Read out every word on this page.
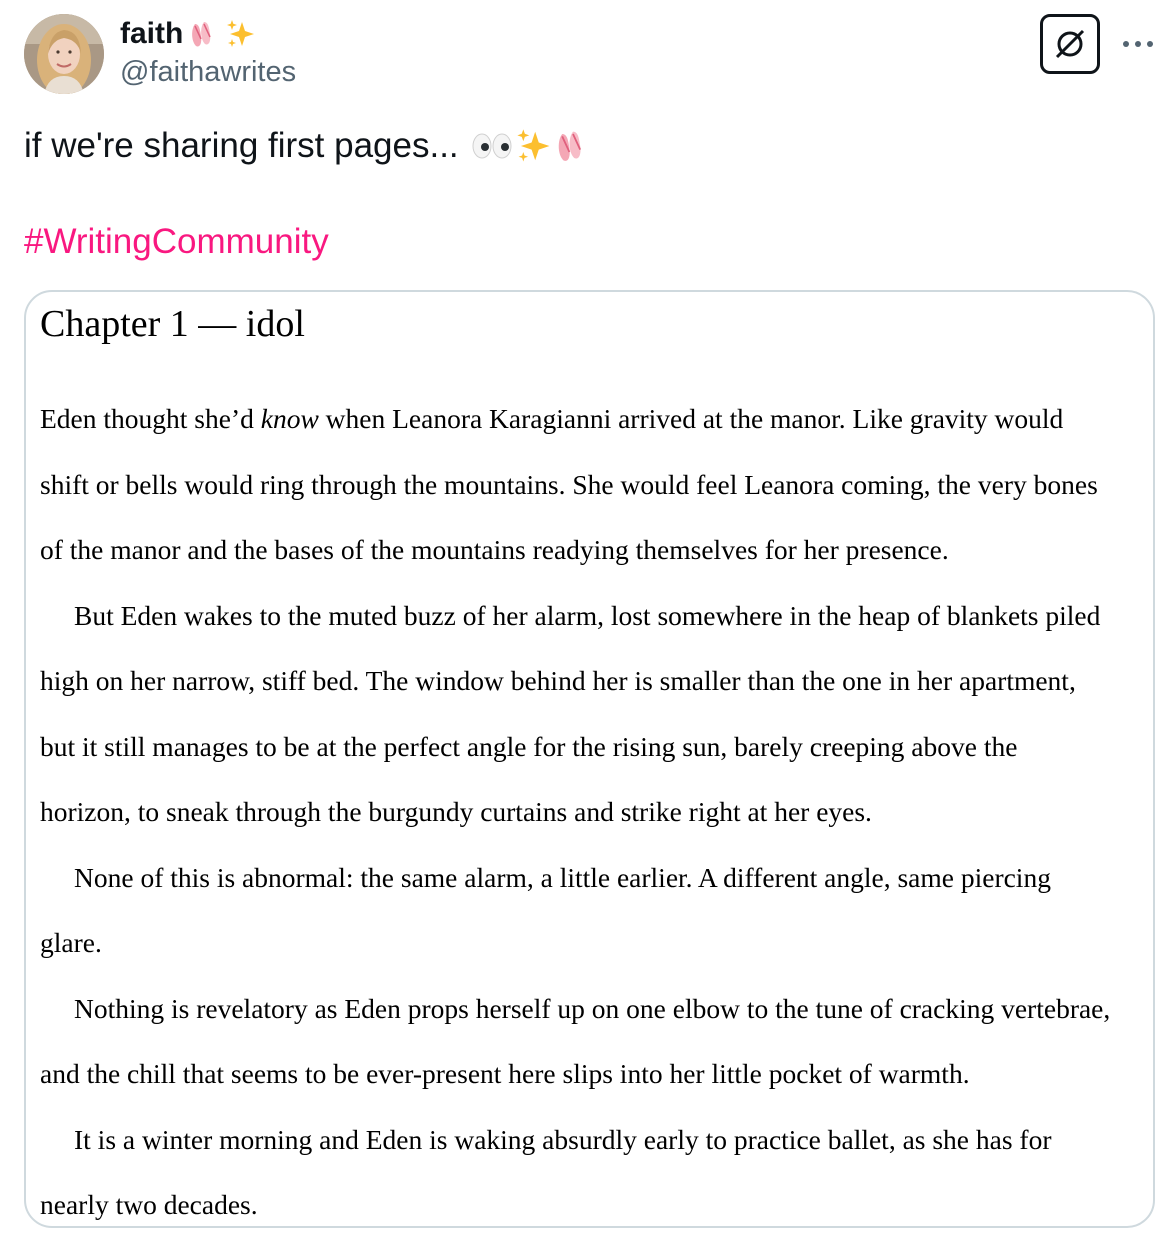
faith
@faithawrites
if we're sharing first pages...
#WritingCommunity
Chapter 1 — idol
Eden thought she’d know when Leanora Karagianni arrived at the manor. Like gravity would
shift or bells would ring through the mountains. She would feel Leanora coming, the very bones
of the manor and the bases of the mountains readying themselves for her presence.
But Eden wakes to the muted buzz of her alarm, lost somewhere in the heap of blankets piled
high on her narrow, stiff bed. The window behind her is smaller than the one in her apartment,
but it still manages to be at the perfect angle for the rising sun, barely creeping above the
horizon, to sneak through the burgundy curtains and strike right at her eyes.
None of this is abnormal: the same alarm, a little earlier. A different angle, same piercing
glare.
Nothing is revelatory as Eden props herself up on one elbow to the tune of cracking vertebrae,
and the chill that seems to be ever-present here slips into her little pocket of warmth.
It is a winter morning and Eden is waking absurdly early to practice ballet, as she has for
nearly two decades.
